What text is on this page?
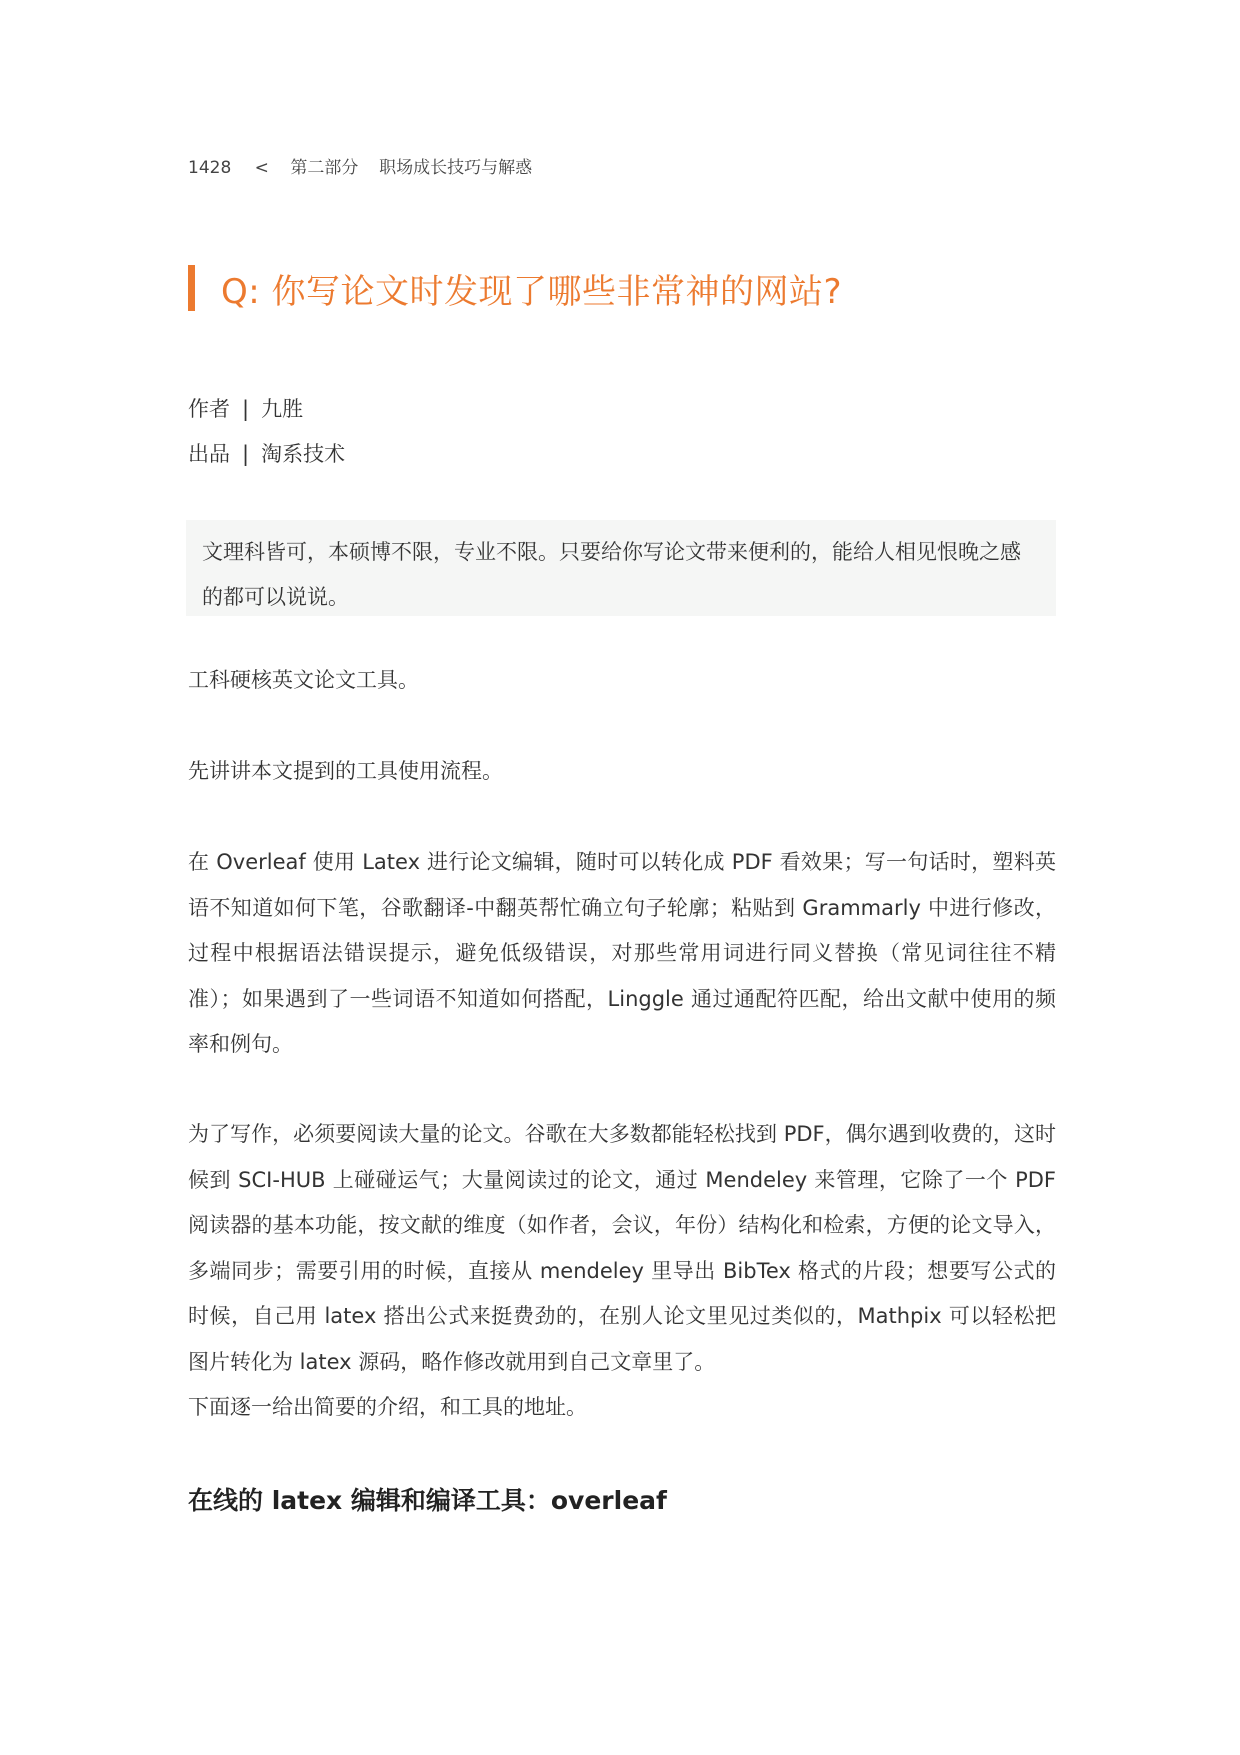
1428 < 第二部分 职场成长技巧与解惑
Q: 你写论文时发现了哪些非常神的网站?
作者 | 九胜
出品 | 淘系技术
文理科皆可，本硕博不限，专业不限。只要给你写论文带来便利的，能给人相见恨晚之感的都可以说说。
工科硬核英文论文工具。
先讲讲本文提到的工具使用流程。
在 Overleaf 使用 Latex 进行论文编辑，随时可以转化成 PDF 看效果；写一句话时，塑料英语不知道如何下笔，谷歌翻译-中翻英帮忙确立句子轮廓；粘贴到 Grammarly 中进行修改，过程中根据语法错误提示，避免低级错误，对那些常用词进行同义替换（常见词往往不精准）；如果遇到了一些词语不知道如何搭配，Linggle 通过通配符匹配，给出文献中使用的频率和例句。
为了写作，必须要阅读大量的论文。谷歌在大多数都能轻松找到 PDF，偶尔遇到收费的，这时候到 SCI-HUB 上碰碰运气；大量阅读过的论文，通过 Mendeley 来管理，它除了一个 PDF 阅读器的基本功能，按文献的维度（如作者，会议，年份）结构化和检索，方便的论文导入，多端同步；需要引用的时候，直接从 mendeley 里导出 BibTex 格式的片段；想要写公式的时候，自己用 latex 搭出公式来挺费劲的，在别人论文里见过类似的，Mathpix 可以轻松把图片转化为 latex 源码，略作修改就用到自己文章里了。
下面逐一给出简要的介绍，和工具的地址。
在线的 latex 编辑和编译工具：overleaf
